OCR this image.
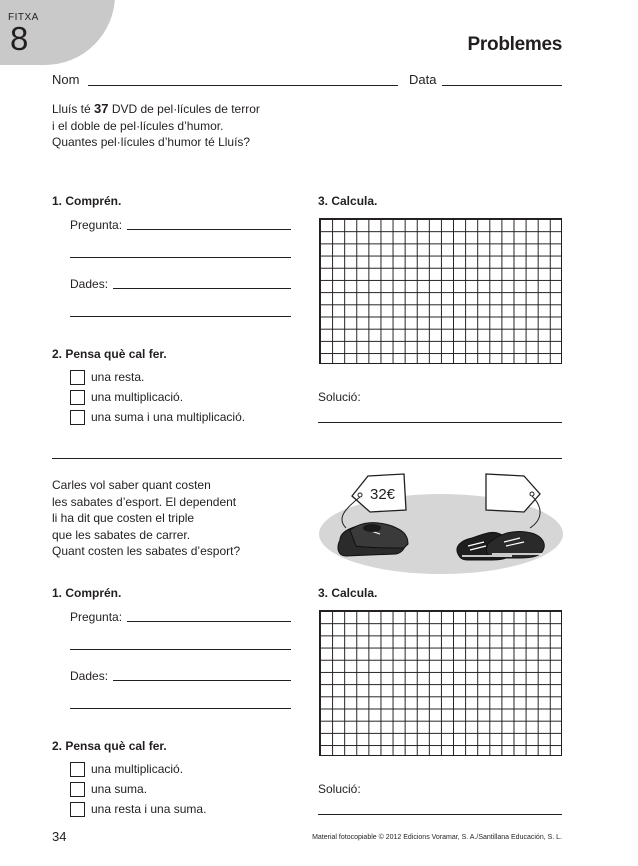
FITXA
8	Problemes
Nom	Data
Lluís té 37 DVD de pel·lícules de terror
i el doble de pel·lícules d’humor.
Quantes pel·lícules d’humor té Lluís?
1. Comprén.
Pregunta:
Dades:
2. Pensa què cal fer.
una resta.
una multiplicació.
una suma i una multiplicació.
3. Calcula.
Solució:
Carles vol saber quant costen
les sabates d’esport. El dependent
li ha dit que costen el triple
que les sabates de carrer.
Quant costen les sabates d’esport?
32€
1. Comprén.
Pregunta:
Dades:
2. Pensa què cal fer.
una multiplicació.
una suma.
una resta i una suma.
3. Calcula.
Solució:
34	Material fotocopiable © 2012 Edicions Voramar, S. A./Santillana Educación, S. L.
